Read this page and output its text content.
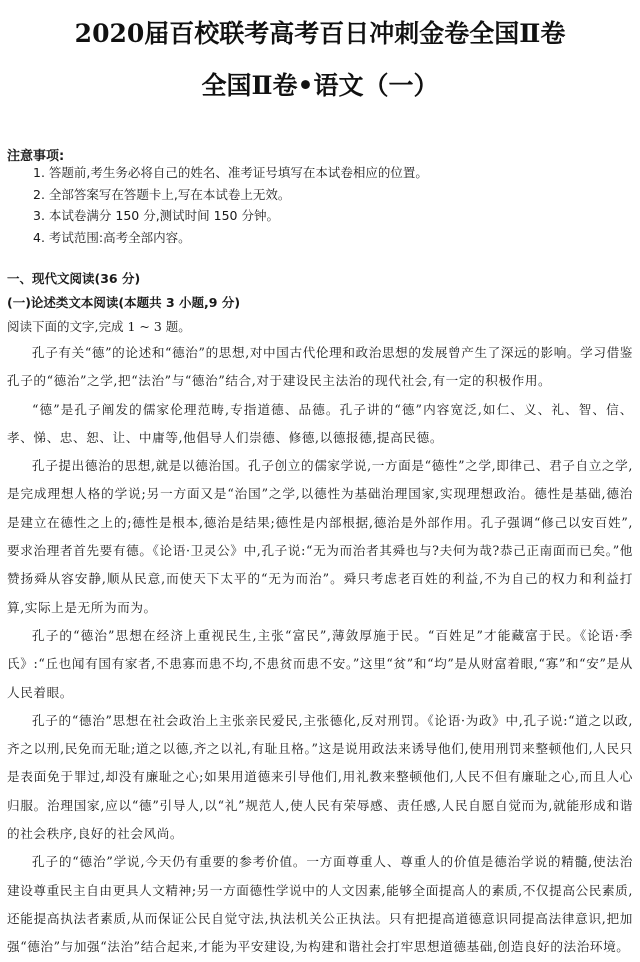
2020届百校联考高考百日冲刺金卷全国Ⅱ卷
全国Ⅱ卷•语文（一）
注意事项:
1. 答题前,考生务必将自己的姓名、准考证号填写在本试卷相应的位置。
2. 全部答案写在答题卡上,写在本试卷上无效。
3. 本试卷满分 150 分,测试时间 150 分钟。
4. 考试范围:高考全部内容。
一、现代文阅读(36 分)
(一)论述类文本阅读(本题共 3 小题,9 分)
阅读下面的文字,完成 1 ~ 3 题。

孔子有关“德”的论述和“德治”的思想,对中国古代伦理和政治思想的发展曾产生了深远的影响。学习借鉴孔子的“德治”之学,把“法治”与“德治”结合,对于建设民主法治的现代社会,有一定的积极作用。

“德”是孔子阐发的儒家伦理范畴,专指道德、品德。孔子讲的“德”内容宽泛,如仁、义、礼、智、信、孝、悌、忠、恕、让、中庸等,他倡导人们崇德、修德,以德报德,提高民德。

孔子提出德治的思想,就是以德治国。孔子创立的儒家学说,一方面是“德性”之学,即律己、君子自立之学,是完成理想人格的学说;另一方面又是“治国”之学,以德性为基础治理国家,实现理想政治。德性是基础,德治是建立在德性之上的;德性是根本,德治是结果;德性是内部根据,德治是外部作用。孔子强调“修己以安百姓”,要求治理者首先要有德。《论语·卫灵公》中,孔子说:“无为而治者其舜也与?夫何为哉?恭己正南面而已矣。”他赞扬舜从容安静,顺从民意,而使天下太平的“无为而治”。舜只考虑老百姓的利益,不为自己的权力和利益打算,实际上是无所为而为。

孔子的“德治”思想在经济上重视民生,主张“富民”,薄敛厚施于民。“百姓足”才能藏富于民。《论语·季氏》:“丘也闻有国有家者,不患寡而患不均,不患贫而患不安。”这里“贫”和“均”是从财富着眼,“寡”和“安”是从人民着眼。

孔子的“德治”思想在社会政治上主张亲民爱民,主张德化,反对刑罚。《论语·为政》中,孔子说:“道之以政,齐之以刑,民免而无耻;道之以德,齐之以礼,有耻且格。”这是说用政法来诱导他们,使用刑罚来整顿他们,人民只是表面免于罪过,却没有廉耻之心;如果用道德来引导他们,用礼教来整顿他们,人民不但有廉耻之心,而且人心归服。治理国家,应以“德”引导人,以“礼”规范人,使人民有荣辱感、责任感,人民自愿自觉而为,就能形成和谐的社会秩序,良好的社会风尚。

孔子的“德治”学说,今天仍有重要的参考价值。一方面尊重人、尊重人的价值是德治学说的精髓,使法治建设尊重民主自由更具人文精神;另一方面德性学说中的人文因素,能够全面提高人的素质,不仅提高公民素质,还能提高执法者素质,从而保证公民自觉守法,执法机关公正执法。只有把提高道德意识同提高法律意识,把加强“德治”与加强“法治”结合起来,才能为平安建设,为构建和谐社会打牢思想道德基础,创造良好的法治环境。
